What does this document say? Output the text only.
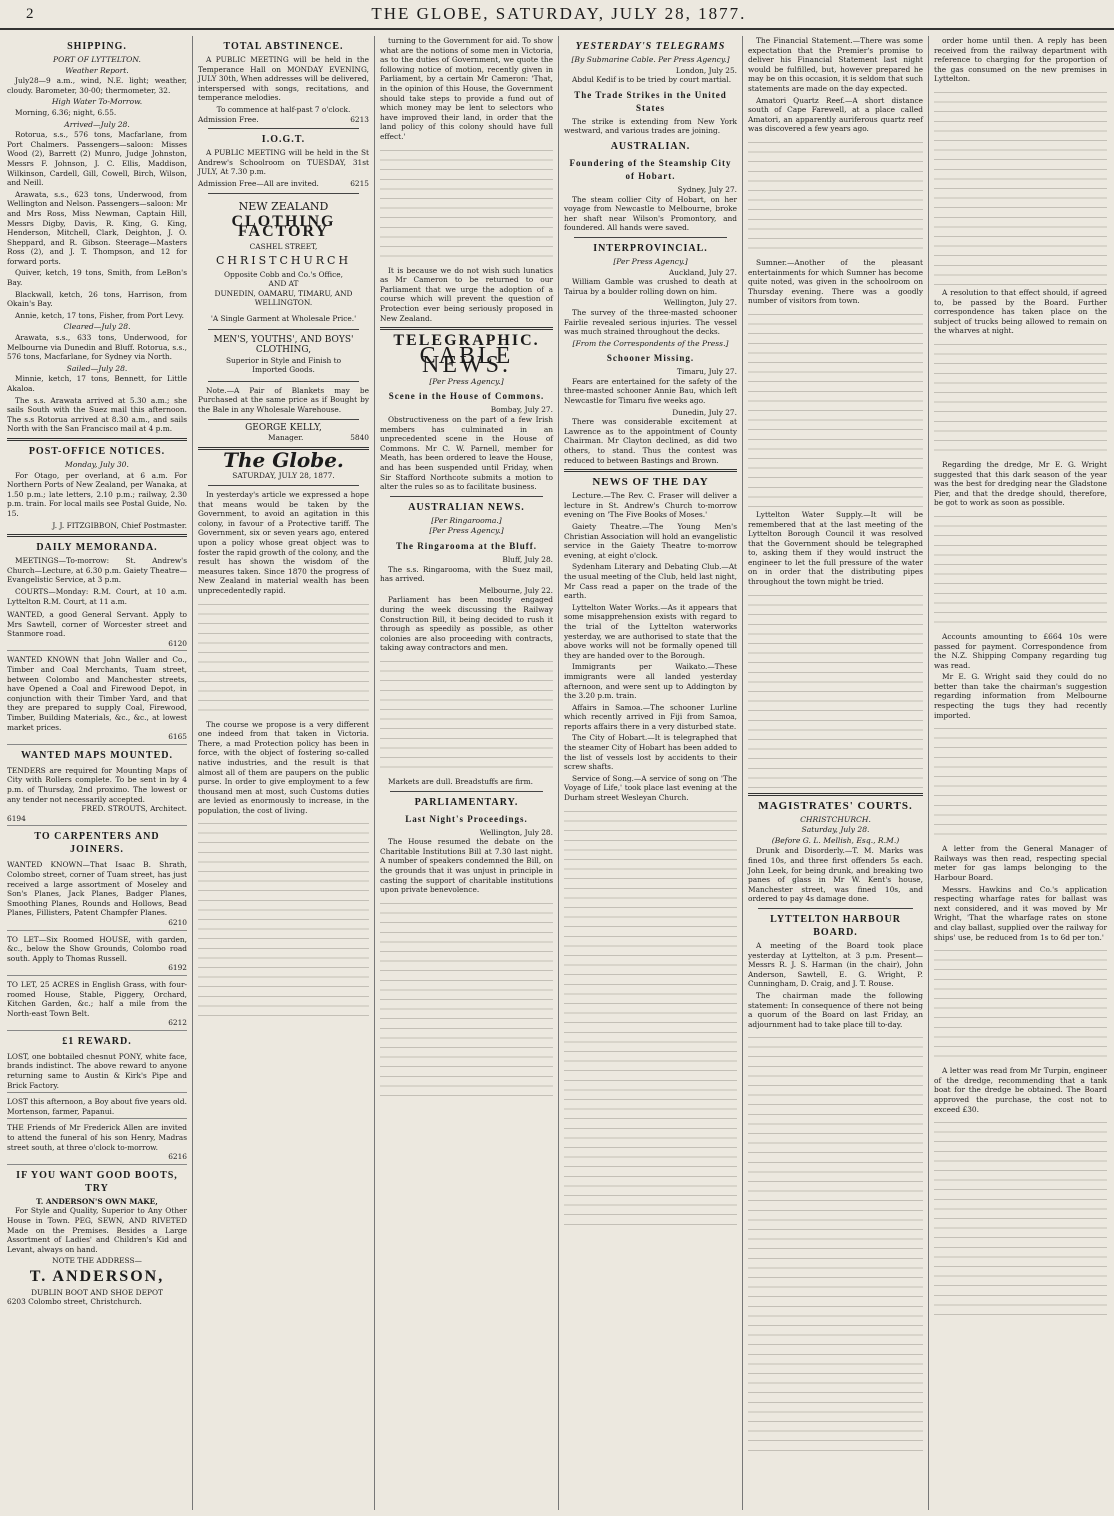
2	THE GLOBE, SATURDAY, JULY 28, 1877.

SHIPPING.
PORT OF LYTTELTON.
Weather Report.

July28—9 a.m., wind, N.E. light; weather, cloudy. Barometer, 30·00; thermometer, 32.

High Water To-Morrow.

Morning, 6.36; night, 6.55.

Arrived—July 28.

Rotorua, s.s., 576 tons, Macfarlane, from Port Chalmers. Passengers—saloon: Misses Wood (2), Barrett (2) Munro, Judge Johnston, Messrs F. Johnson, J. C. Ellis, Maddison, Wilkinson, Cardell, Gill, Cowell, Birch, Wilson, and Neill.

Arawata, s.s., 623 tons, Underwood, from Wellington and Nelson. Passengers—saloon: Mr and Mrs Ross, Miss Newman, Captain Hill, Messrs Digby, Davis, R. King, G. King, Henderson, Mitchell, Clark, Deighton, J. O. Sheppard, and R. Gibson. Steerage—Masters Ross (2), and J. T. Thompson, and 12 for forward ports.

Quiver, ketch, 19 tons, Smith, from LeBon's Bay.

Blackwall, ketch, 26 tons, Harrison, from Okain's Bay.

Annie, ketch, 17 tons, Fisher, from Port Levy.

Cleared—July 28.

Arawata, s.s., 633 tons, Underwood, for Melbourne via Dunedin and Bluff. Rotorua, s.s., 576 tons, Macfarlane, for Sydney via North.

Sailed—July 28.

Minnie, ketch, 17 tons, Bennett, for Little Akaloa.

The s.s. Arawata arrived at 5.30 a.m.; she sails South with the Suez mail this afternoon. The s.s Rotorua arrived at 8.30 a.m., and sails North with the San Francisco mail at 4 p.m.

POST-OFFICE NOTICES.
Monday, July 30.

For Otago, per overland, at 6 a.m. For Northern Ports of New Zealand, per Wanaka, at 1.50 p.m.; late letters, 2.10 p.m.; railway, 2.30 p.m. train. For local mails see Postal Guide, No. 15.

J. J. FITZGIBBON, Chief Postmaster.
DAILY MEMORANDA.

MEETINGS—To-morrow: St. Andrew's Church—Lecture, at 6.30 p.m. Gaiety Theatre—Evangelistic Service, at 3 p.m.

COURTS—Monday: R.M. Court, at 10 a.m. Lyttelton R.M. Court, at 11 a.m.

WANTED, a good General Servant. Apply to Mrs Sawtell, corner of Worcester street and Stanmore road.
6120
WANTED KNOWN that John Waller and Co., Timber and Coal Merchants, Tuam street, between Colombo and Manchester streets, have Opened a Coal and Firewood Depot, in conjunction with their Timber Yard, and that they are prepared to supply Coal, Firewood, Timber, Building Materials, &c., &c., at lowest market prices.
6165
WANTED MAPS MOUNTED.
TENDERS are required for Mounting Maps of City with Rollers complete. To be sent in by 4 p.m. of Thursday, 2nd proximo. The lowest or any tender not necessarily accepted.
FRED. STROUTS, Architect.
6194
TO CARPENTERS AND JOINERS.
WANTED KNOWN—That Isaac B. Shrath, Colombo street, corner of Tuam street, has just received a large assortment of Moseley and Son's Planes, Jack Planes, Badger Planes, Smoothing Planes, Rounds and Hollows, Bead Planes, Fillisters, Patent Champfer Planes.
6210
TO LET—Six Roomed HOUSE, with garden, &c., below the Show Grounds, Colombo road south. Apply to Thomas Russell.
6192
TO LET, 25 ACRES in English Grass, with four-roomed House, Stable, Piggery, Orchard, Kitchen Garden, &c.; half a mile from the North-east Town Belt.
6212
£1 REWARD.
LOST, one bobtailed chesnut PONY, white face, brands indistinct. The above reward to anyone returning same to Austin & Kirk's Pipe and Brick Factory.
LOST this afternoon, a Boy about five years old. Mortenson, farmer, Papanui.
THE Friends of Mr Frederick Allen are invited to attend the funeral of his son Henry, Madras street south, at three o'clock to-morrow.
6216
IF YOU WANT GOOD BOOTS, TRY
T. ANDERSON'S OWN MAKE,

For Style and Quality, Superior to Any Other House in Town. PEG, SEWN, AND RIVETED Made on the Premises. Besides a Large Assortment of Ladies' and Children's Kid and Levant, always on hand.

NOTE THE ADDRESS—
T. ANDERSON,
DUBLIN BOOT AND SHOE DEPOT
6203 Colombo street, Christchurch.
TOTAL ABSTINENCE.

A PUBLIC MEETING will be held in the Temperance Hall on MONDAY EVENING, JULY 30th, When addresses will be delivered, interspersed with songs, recitations, and temperance melodies.

To commence at half-past 7 o'clock.
Admission Free.	6213
I.O.G.T.

A PUBLIC MEETING will be held in the St Andrew's Schoolroom on TUESDAY, 31st JULY, At 7.30 p.m.

Admission Free—All are invited.	6215
NEW ZEALAND
CLOTHING FACTORY
CASHEL STREET,
CHRISTCHURCH
Opposite Cobb and Co.'s Office,
AND AT
DUNEDIN, OAMARU, TIMARU, AND WELLINGTON.
'A Single Garment at Wholesale Price.'
MEN'S, YOUTHS', AND BOYS'
CLOTHING,
Superior in Style and Finish to
Imported Goods.

Note.—A Pair of Blankets may be Purchased at the same price as if Bought by the Bale in any Wholesale Warehouse.

GEORGE KELLY,
Manager.	5840
The Globe.
SATURDAY, JULY 28, 1877.

In yesterday's article we expressed a hope that means would be taken by the Government, to avoid an agitation in this colony, in favour of a Protective tariff. The Government, six or seven years ago, entered upon a policy whose great object was to foster the rapid growth of the colony, and the result has shown the wisdom of the measures taken. Since 1870 the progress of New Zealand in material wealth has been unprecedentedly rapid.

The course we propose is a very different one indeed from that taken in Victoria. There, a mad Protection policy has been in force, with the object of fostering so-called native industries, and the result is that almost all of them are paupers on the public purse. In order to give employment to a few thousand men at most, such Customs duties are levied as enormously to increase, in the population, the cost of living.

turning to the Government for aid. To show what are the notions of some men in Victoria, as to the duties of Government, we quote the following notice of motion, recently given in Parliament, by a certain Mr Cameron: 'That, in the opinion of this House, the Government should take steps to provide a fund out of which money may be lent to selectors who have improved their land, in order that the land policy of this colony should have full effect.'

It is because we do not wish such lunatics as Mr Cameron to be returned to our Parliament that we urge the adoption of a course which will prevent the question of Protection ever being seriously proposed in New Zealand.

TELEGRAPHIC.
CABLE NEWS.
[Per Press Agency.]
Scene in the House of Commons.
Bombay, July 27.

Obstructiveness on the part of a few Irish members has culminated in an unprecedented scene in the House of Commons. Mr C. W. Parnell, member for Meath, has been ordered to leave the House, and has been suspended until Friday, when Sir Stafford Northcote submits a motion to alter the rules so as to facilitate business.

AUSTRALIAN NEWS.
[Per Ringarooma.]
[Per Press Agency.]
The Ringarooma at the Bluff.
Bluff, July 28.

The s.s. Ringarooma, with the Suez mail, has arrived.

Melbourne, July 22.

Parliament has been mostly engaged during the week discussing the Railway Construction Bill, it being decided to rush it through as speedily as possible, as other colonies are also proceeding with contracts, taking away contractors and men.

Markets are dull. Breadstuffs are firm.

PARLIAMENTARY.
Last Night's Proceedings.
Wellington, July 28.

The House resumed the debate on the Charitable Institutions Bill at 7.30 last night. A number of speakers condemned the Bill, on the grounds that it was unjust in principle in casting the support of charitable institutions upon private benevolence.

YESTERDAY'S TELEGRAMS
[By Submarine Cable. Per Press Agency.]
London, July 25.

Abdul Kedif is to be tried by court martial.

The Trade Strikes in the United States

The strike is extending from New York westward, and various trades are joining.

AUSTRALIAN.
Foundering of the Steamship City of Hobart.
Sydney, July 27.

The steam collier City of Hobart, on her voyage from Newcastle to Melbourne, broke her shaft near Wilson's Promontory, and foundered. All hands were saved.

INTERPROVINCIAL.
[Per Press Agency.]
Auckland, July 27.

William Gamble was crushed to death at Tairua by a boulder rolling down on him.

Wellington, July 27.

The survey of the three-masted schooner Fairlie revealed serious injuries. The vessel was much strained throughout the decks.

[From the Correspondents of the Press.]
Schooner Missing.
Timaru, July 27.

Fears are entertained for the safety of the three-masted schooner Annie Bau, which left Newcastle for Timaru five weeks ago.

Dunedin, July 27.

There was considerable excitement at Lawrence as to the appointment of County Chairman. Mr Clayton declined, as did two others, to stand. Thus the contest was reduced to between Bastings and Brown.

NEWS OF THE DAY

Lecture.—The Rev. C. Fraser will deliver a lecture in St. Andrew's Church to-morrow evening on 'The Five Books of Moses.'

Gaiety Theatre.—The Young Men's Christian Association will hold an evangelistic service in the Gaiety Theatre to-morrow evening, at eight o'clock.

Sydenham Literary and Debating Club.—At the usual meeting of the Club, held last night, Mr Cass read a paper on the trade of the earth.

Lyttelton Water Works.—As it appears that some misapprehension exists with regard to the trial of the Lyttelton waterworks yesterday, we are authorised to state that the above works will not be formally opened till they are handed over to the Borough.

Immigrants per Waikato.—These immigrants were all landed yesterday afternoon, and were sent up to Addington by the 3.20 p.m. train.

Affairs in Samoa.—The schooner Lurline which recently arrived in Fiji from Samoa, reports affairs there in a very disturbed state.

The City of Hobart.—It is telegraphed that the steamer City of Hobart has been added to the list of vessels lost by accidents to their screw shafts.

Service of Song.—A service of song on 'The Voyage of Life,' took place last evening at the Durham street Wesleyan Church.

The Financial Statement.—There was some expectation that the Premier's promise to deliver his Financial Statement last night would be fulfilled, but, however prepared he may be on this occasion, it is seldom that such statements are made on the day expected.

Amatori Quartz Reef.—A short distance south of Cape Farewell, at a place called Amatori, an apparently auriferous quartz reef was discovered a few years ago.

Sumner.—Another of the pleasant entertainments for which Sumner has become quite noted, was given in the schoolroom on Thursday evening. There was a goodly number of visitors from town.

Lyttelton Water Supply.—It will be remembered that at the last meeting of the Lyttelton Borough Council it was resolved that the Government should be telegraphed to, asking them if they would instruct the engineer to let the full pressure of the water on in order that the distributing pipes throughout the town might be tried.

MAGISTRATES' COURTS.
CHRISTCHURCH.
Saturday, July 28.
(Before G. L. Mellish, Esq., R.M.)

Drunk and Disorderly.—T. M. Marks was fined 10s, and three first offenders 5s each. John Leek, for being drunk, and breaking two panes of glass in Mr W. Kent's house, Manchester street, was fined 10s, and ordered to pay 4s damage done.

LYTTELTON HARBOUR BOARD.

A meeting of the Board took place yesterday at Lyttelton, at 3 p.m. Present—Messrs R. J. S. Harman (in the chair), John Anderson, Sawtell, E. G. Wright, P. Cunningham, D. Craig, and J. T. Rouse.

The chairman made the following statement: In consequence of there not being a quorum of the Board on last Friday, an adjournment had to take place till to-day.

order home until then. A reply has been received from the railway department with reference to charging for the proportion of the gas consumed on the new premises in Lyttelton.

A resolution to that effect should, if agreed to, be passed by the Board. Further correspondence has taken place on the subject of trucks being allowed to remain on the wharves at night.

Regarding the dredge, Mr E. G. Wright suggested that this dark season of the year was the best for dredging near the Gladstone Pier, and that the dredge should, therefore, be got to work as soon as possible.

Accounts amounting to £664 10s were passed for payment. Correspondence from the N.Z. Shipping Company regarding tug was read.

Mr E. G. Wright said they could do no better than take the chairman's suggestion regarding information from Melbourne respecting the tugs they had recently imported.

A letter from the General Manager of Railways was then read, respecting special meter for gas lamps belonging to the Harbour Board.

Messrs. Hawkins and Co.'s application respecting wharfage rates for ballast was next considered, and it was moved by Mr Wright, 'That the wharfage rates on stone and clay ballast, supplied over the railway for ships' use, be reduced from 1s to 6d per ton.'

A letter was read from Mr Turpin, engineer of the dredge, recommending that a tank boat for the dredge be obtained. The Board approved the purchase, the cost not to exceed £30.
